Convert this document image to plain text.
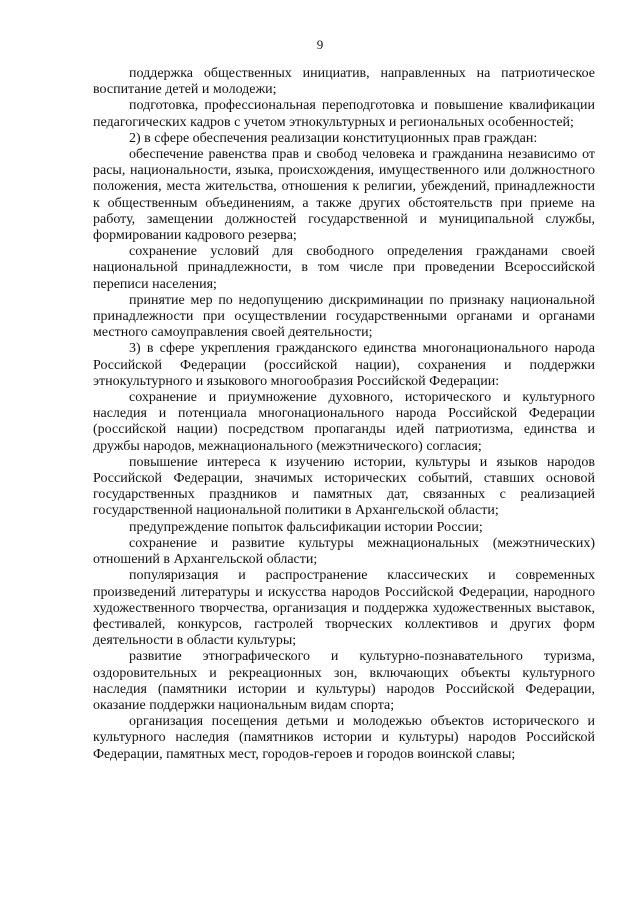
9

поддержка общественных инициатив, направленных на патриотическое воспитание детей и молодежи;

подготовка, профессиональная переподготовка и повышение квалификации педагогических кадров с учетом этнокультурных и региональных особенностей;

2) в сфере обеспечения реализации конституционных прав граждан:

обеспечение равенства прав и свобод человека и гражданина независимо от расы, национальности, языка, происхождения, имущественного или должностного положения, места жительства, отношения к религии, убеждений, принадлежности к общественным объединениям, а также других обстоятельств при приеме на работу, замещении должностей государственной и муниципальной службы, формировании кадрового резерва;

сохранение условий для свободного определения гражданами своей национальной принадлежности, в том числе при проведении Всероссийской переписи населения;

принятие мер по недопущению дискриминации по признаку национальной принадлежности при осуществлении государственными органами и органами местного самоуправления своей деятельности;

3) в сфере укрепления гражданского единства многонационального народа Российской Федерации (российской нации), сохранения и поддержки этнокультурного и языкового многообразия Российской Федерации:

сохранение и приумножение духовного, исторического и культурного наследия и потенциала многонационального народа Российской Федерации (российской нации) посредством пропаганды идей патриотизма, единства и дружбы народов, межнационального (межэтнического) согласия;

повышение интереса к изучению истории, культуры и языков народов Российской Федерации, значимых исторических событий, ставших основой государственных праздников и памятных дат, связанных с реализацией государственной национальной политики в Архангельской области;

предупреждение попыток фальсификации истории России;

сохранение и развитие культуры межнациональных (межэтнических) отношений в Архангельской области;

популяризация и распространение классических и современных произведений литературы и искусства народов Российской Федерации, народного художественного творчества, организация и поддержка художественных выставок, фестивалей, конкурсов, гастролей творческих коллективов и других форм деятельности в области культуры;

развитие этнографического и культурно-познавательного туризма, оздоровительных и рекреационных зон, включающих объекты культурного наследия (памятники истории и культуры) народов Российской Федерации, оказание поддержки национальным видам спорта;

организация посещения детьми и молодежью объектов исторического и культурного наследия (памятников истории и культуры) народов Российской Федерации, памятных мест, городов-героев и городов воинской славы;
